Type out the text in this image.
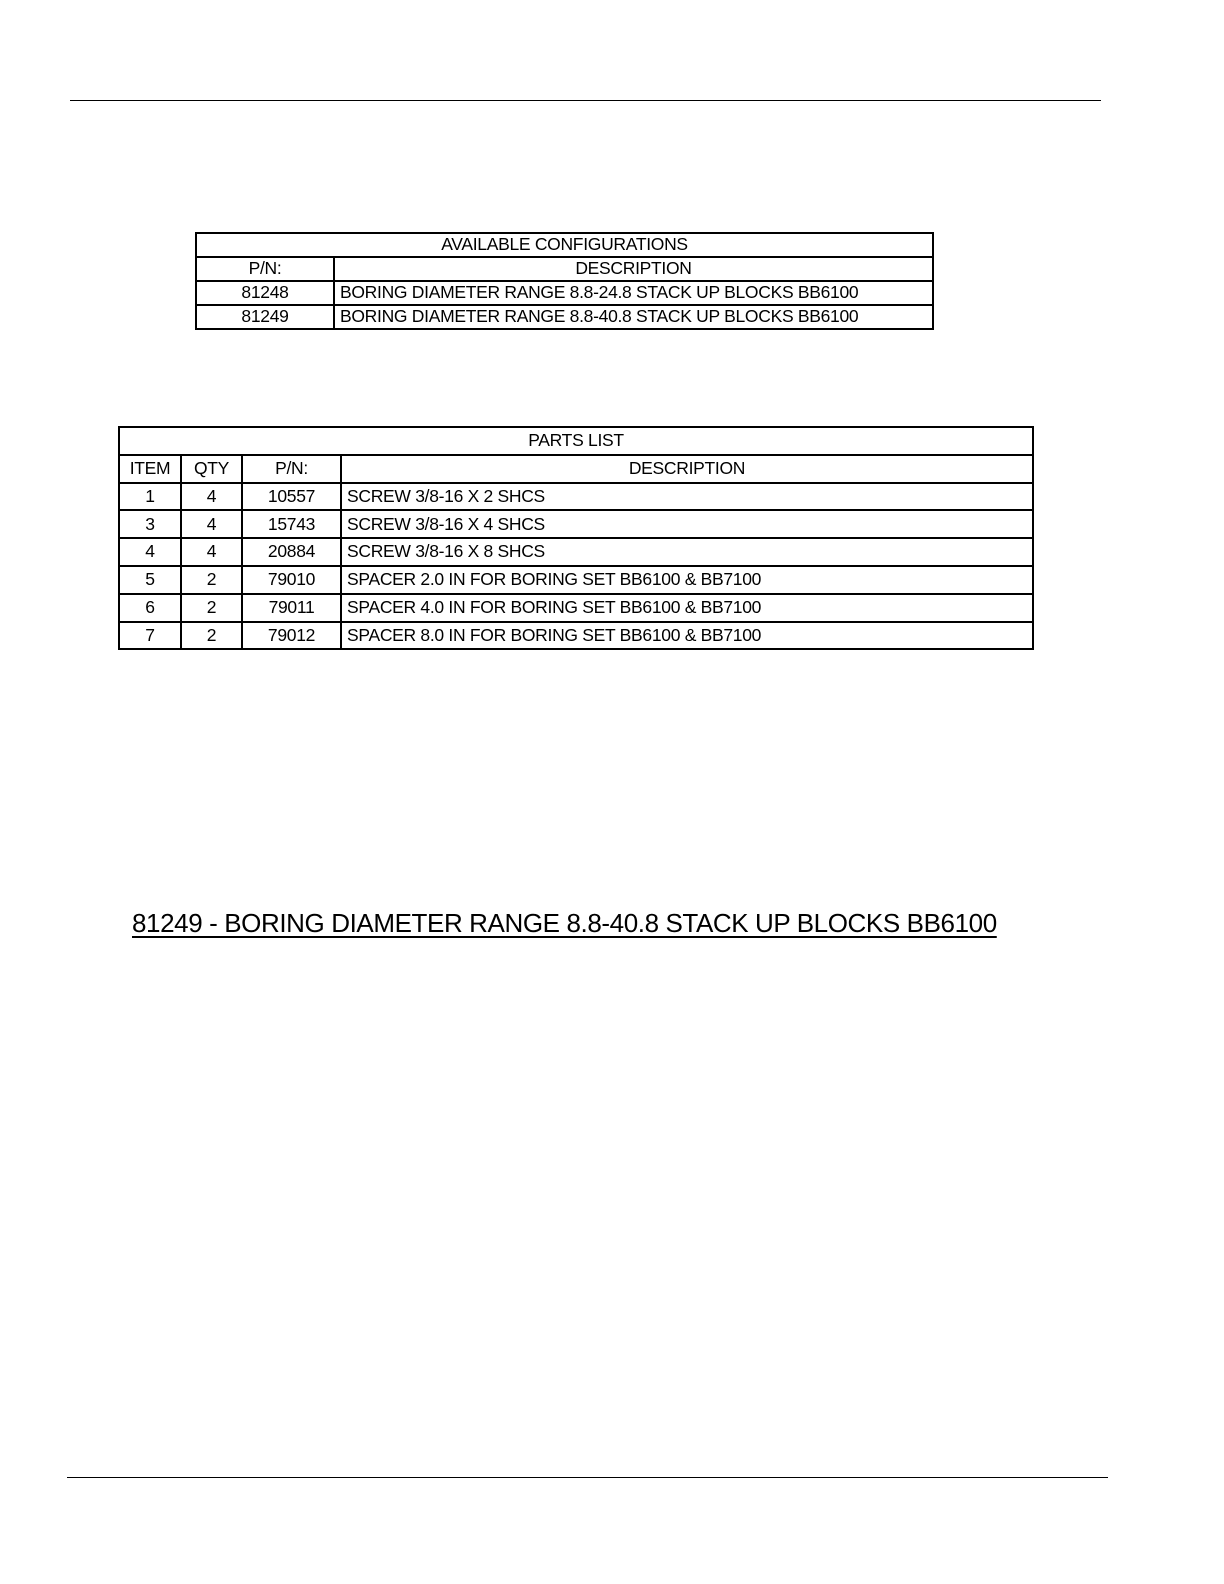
AVAILABLE CONFIGURATIONS	
P/N:	DESCRIPTION
81248	BORING DIAMETER RANGE 8.8-24.8 STACK UP BLOCKS BB6100
81249	BORING DIAMETER RANGE 8.8-40.8 STACK UP BLOCKS BB6100
PARTS LIST			
ITEM	QTY	P/N:	DESCRIPTION
1	4	10557	SCREW 3/8-16 X 2 SHCS
3	4	15743	SCREW 3/8-16 X 4 SHCS
4	4	20884	SCREW 3/8-16 X 8 SHCS
5	2	79010	SPACER 2.0 IN FOR BORING SET BB6100 & BB7100
6	2	79011	SPACER 4.0 IN FOR BORING SET BB6100 & BB7100
7	2	79012	SPACER 8.0 IN FOR BORING SET BB6100 & BB7100
81249 - BORING DIAMETER RANGE 8.8-40.8 STACK UP BLOCKS BB6100
